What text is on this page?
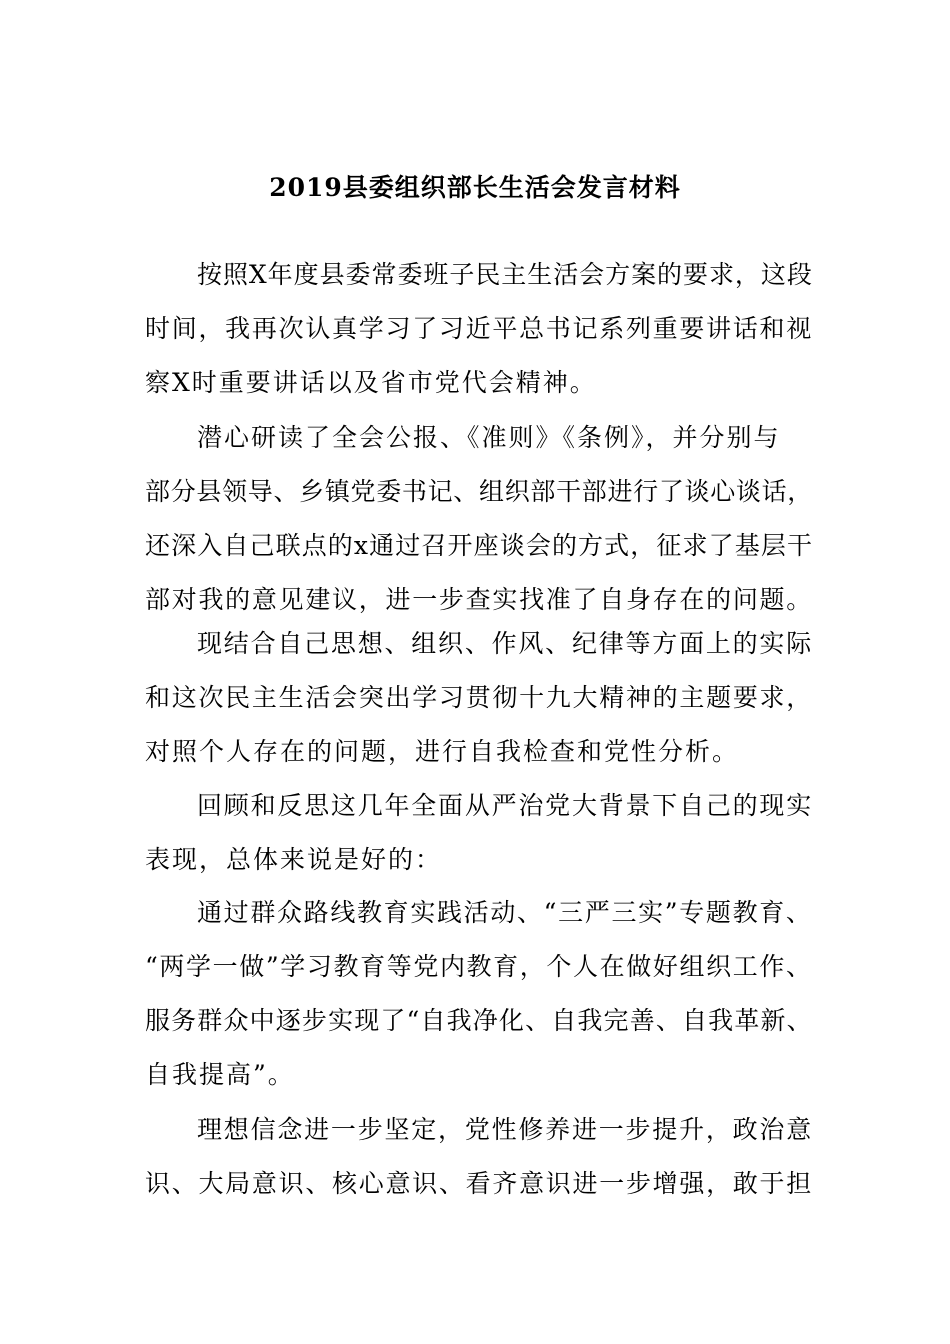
2019县委组织部长生活会发言材料
按照X年度县委常委班子民主生活会方案的要求，这段
时间，我再次认真学习了习近平总书记系列重要讲话和视
察X时重要讲话以及省市党代会精神。
潜心研读了全会公报、《准则》《条例》，并分别与
部分县领导、乡镇党委书记、组织部干部进行了谈心谈话，
还深入自己联点的x通过召开座谈会的方式，征求了基层干
部对我的意见建议，进一步查实找准了自身存在的问题。
现结合自己思想、组织、作风、纪律等方面上的实际
和这次民主生活会突出学习贯彻十九大精神的主题要求，
对照个人存在的问题，进行自我检查和党性分析。
回顾和反思这几年全面从严治党大背景下自己的现实
表现，总体来说是好的：
通过群众路线教育实践活动、“三严三实”专题教育、
“两学一做”学习教育等党内教育，个人在做好组织工作、
服务群众中逐步实现了“自我净化、自我完善、自我革新、
自我提高”。
理想信念进一步坚定，党性修养进一步提升，政治意
识、大局意识、核心意识、看齐意识进一步增强，敢于担
